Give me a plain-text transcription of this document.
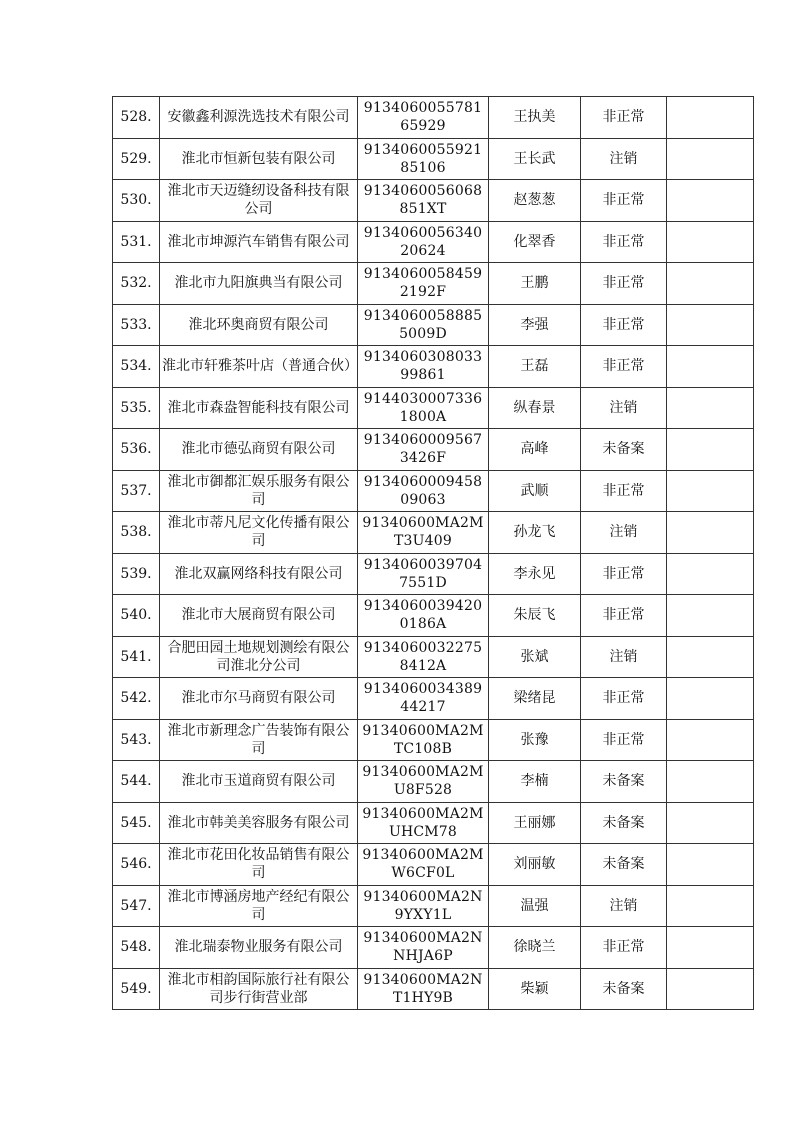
528.	安徽鑫利源洗选技术有限公司	913406005578165929	王执美	非正常	
529.	淮北市恒新包装有限公司	913406005592185106	王长武	注销	
530.	淮北市天迈缝纫设备科技有限公司	9134060056068851XT	赵葱葱	非正常	
531.	淮北市坤源汽车销售有限公司	913406005634020624	化翠香	非正常	
532.	淮北市九阳旗典当有限公司	91340600584592192F	王鹏	非正常	
533.	淮北环奥商贸有限公司	91340600588855009D	李强	非正常	
534.	淮北市轩雅茶叶店（普通合伙）	913406030803399861	王磊	非正常	
535.	淮北市森盎智能科技有限公司	91440300073361800A	纵春景	注销	
536.	淮北市德弘商贸有限公司	91340600095673426F	高峰	未备案	
537.	淮北市御都汇娱乐服务有限公司	913406000945809063	武顺	非正常	
538.	淮北市蒂凡尼文化传播有限公司	91340600MA2MT3U409	孙龙飞	注销	
539.	淮北双赢网络科技有限公司	91340600397047551D	李永见	非正常	
540.	淮北市大展商贸有限公司	91340600394200186A	朱辰飞	非正常	
541.	合肥田园土地规划测绘有限公司淮北分公司	91340600322758412A	张斌	注销	
542.	淮北市尔马商贸有限公司	913406003438944217	梁绪昆	非正常	
543.	淮北市新理念广告装饰有限公司	91340600MA2MTC108B	张豫	非正常	
544.	淮北市玉道商贸有限公司	91340600MA2MU8F528	李楠	未备案	
545.	淮北市韩美美容服务有限公司	91340600MA2MUHCM78	王丽娜	未备案	
546.	淮北市花田化妆品销售有限公司	91340600MA2MW6CF0L	刘丽敏	未备案	
547.	淮北市博涵房地产经纪有限公司	91340600MA2N9YXY1L	温强	注销	
548.	淮北瑞泰物业服务有限公司	91340600MA2NNHJA6P	徐晓兰	非正常	
549.	淮北市相韵国际旅行社有限公司步行街营业部	91340600MA2NT1HY9B	柴颖	未备案	
